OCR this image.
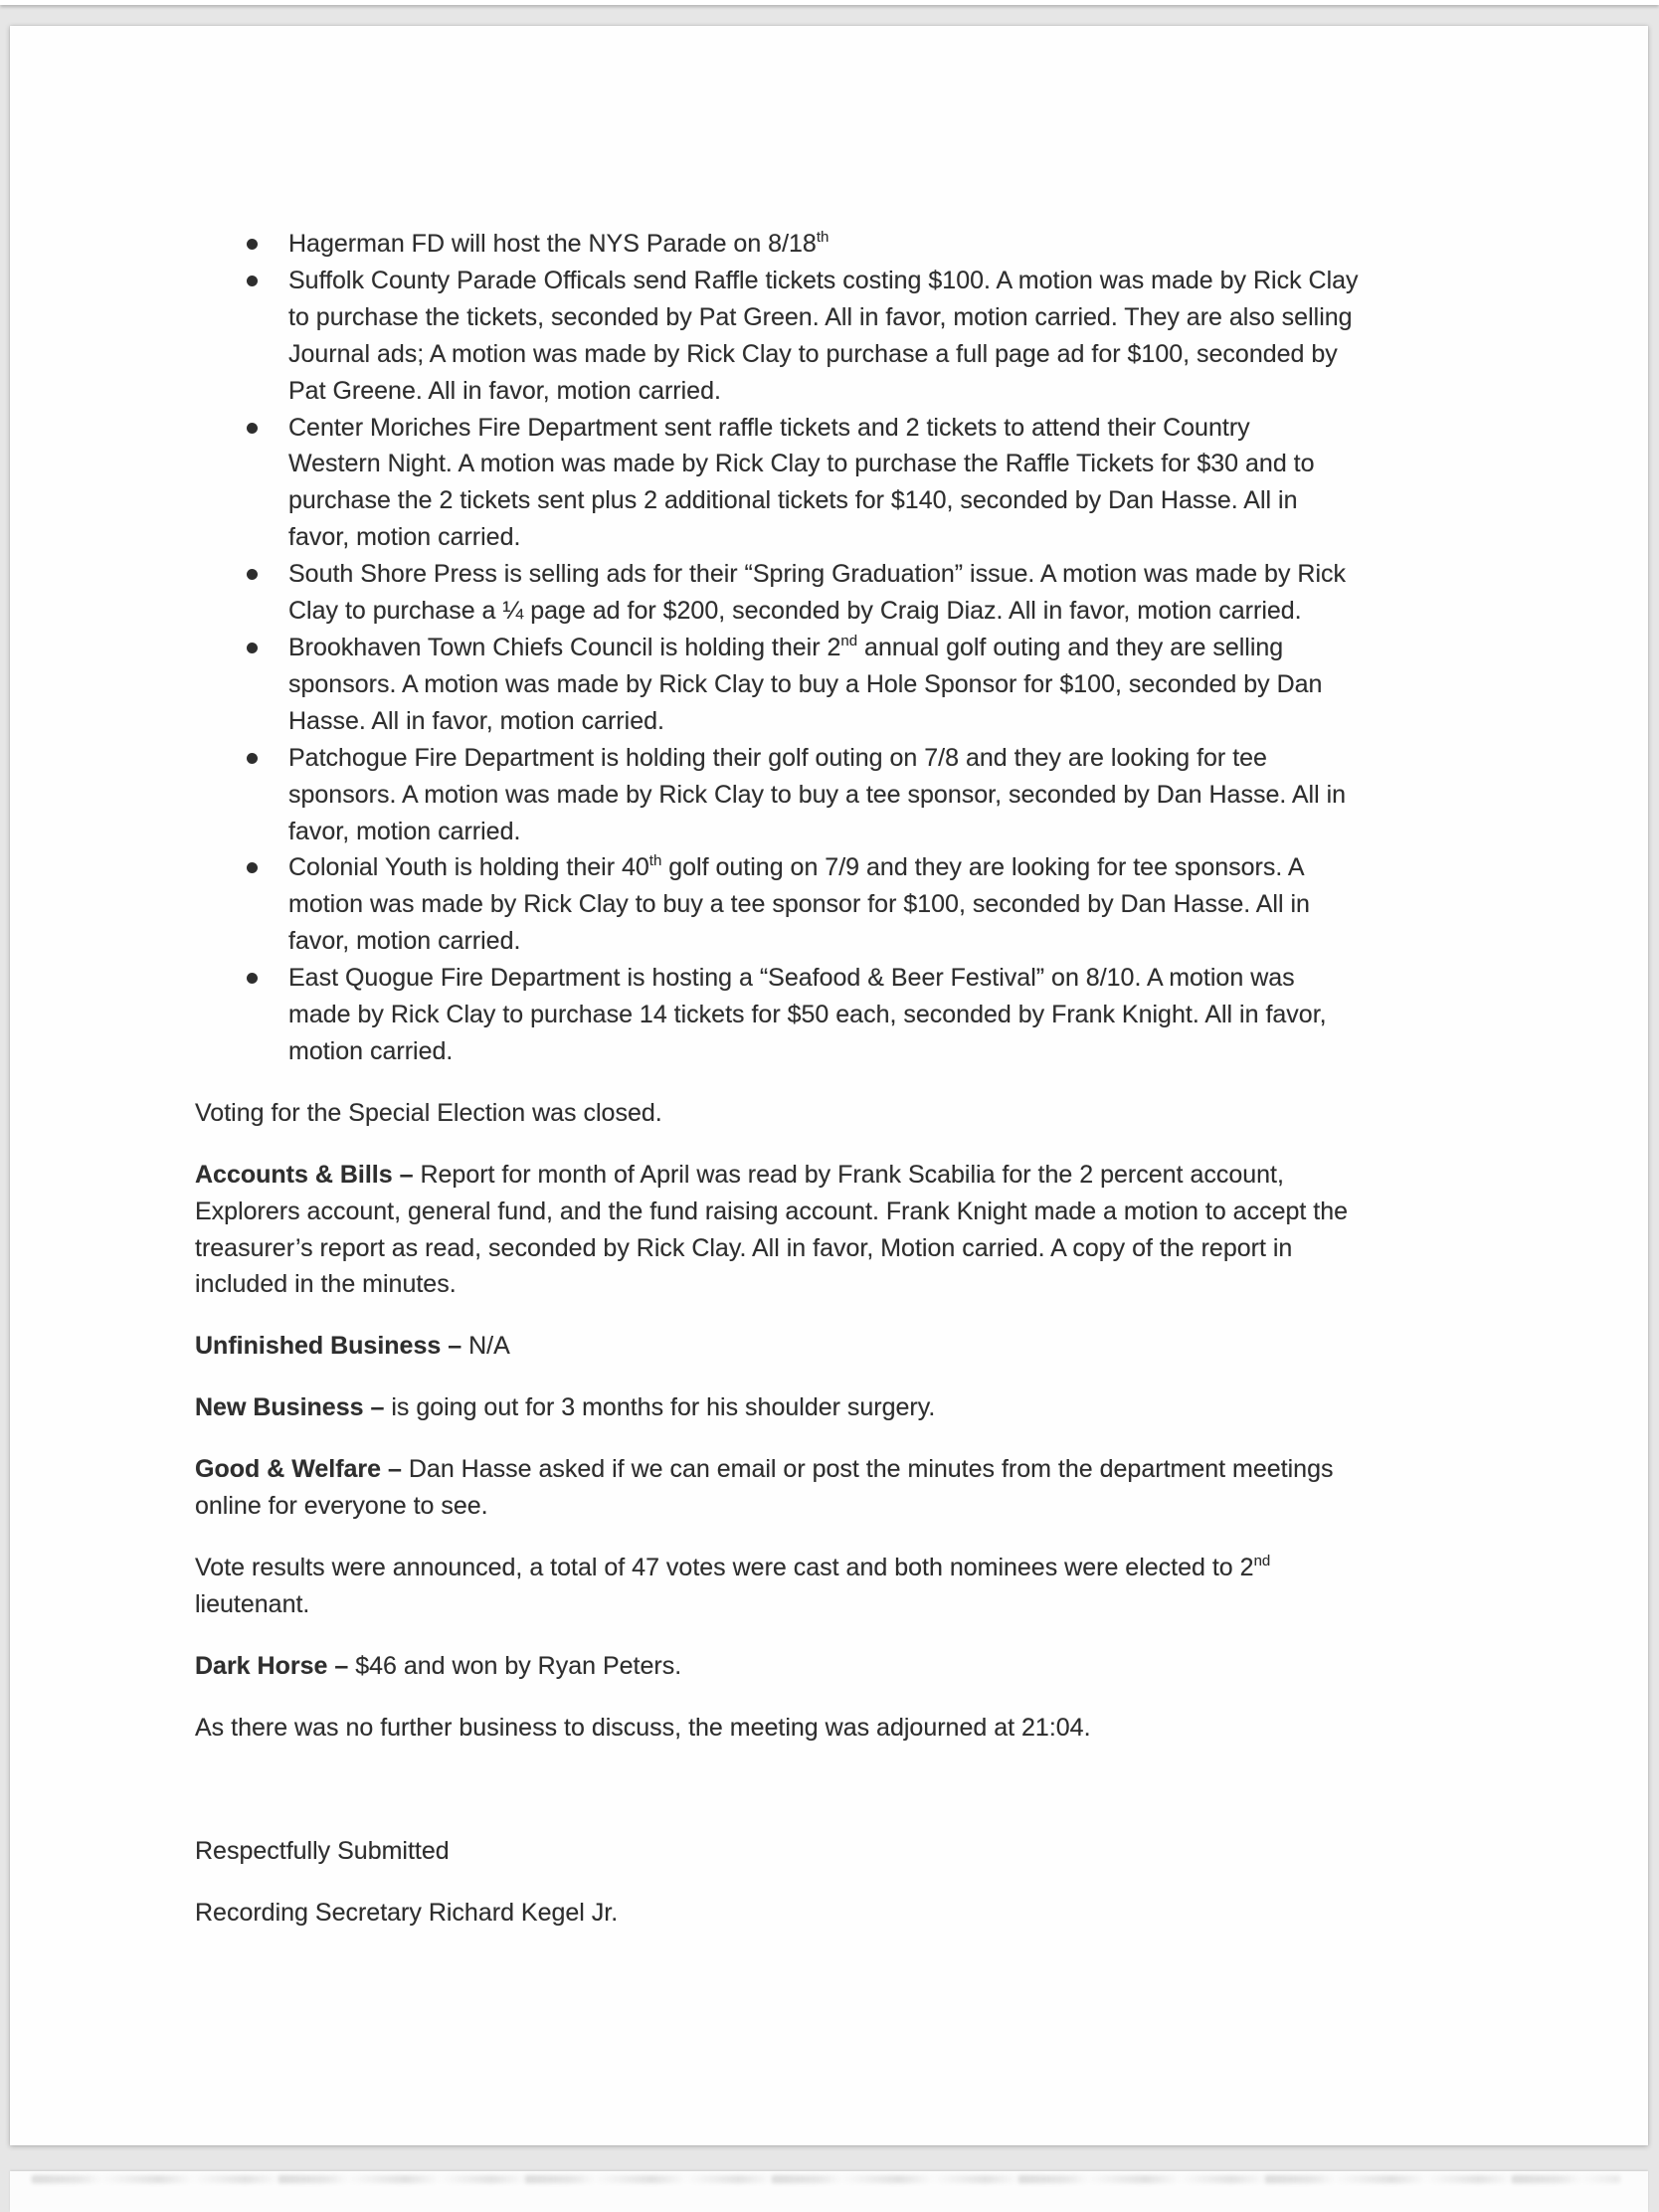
Hagerman FD will host the NYS Parade on 8/18th
Suffolk County Parade Officals send Raffle tickets costing $100. A motion was made by Rick Clay
to purchase the tickets, seconded by Pat Green. All in favor, motion carried. They are also selling
Journal ads; A motion was made by Rick Clay to purchase a full page ad for $100, seconded by
Pat Greene. All in favor, motion carried.
Center Moriches Fire Department sent raffle tickets and 2 tickets to attend their Country
Western Night. A motion was made by Rick Clay to purchase the Raffle Tickets for $30 and to
purchase the 2 tickets sent plus 2 additional tickets for $140, seconded by Dan Hasse. All in
favor, motion carried.
South Shore Press is selling ads for their “Spring Graduation” issue. A motion was made by Rick
Clay to purchase a ¼ page ad for $200, seconded by Craig Diaz. All in favor, motion carried.
Brookhaven Town Chiefs Council is holding their 2nd annual golf outing and they are selling
sponsors. A motion was made by Rick Clay to buy a Hole Sponsor for $100, seconded by Dan
Hasse. All in favor, motion carried.
Patchogue Fire Department is holding their golf outing on 7/8 and they are looking for tee
sponsors. A motion was made by Rick Clay to buy a tee sponsor, seconded by Dan Hasse. All in
favor, motion carried.
Colonial Youth is holding their 40th golf outing on 7/9 and they are looking for tee sponsors. A
motion was made by Rick Clay to buy a tee sponsor for $100, seconded by Dan Hasse. All in
favor, motion carried.
East Quogue Fire Department is hosting a “Seafood & Beer Festival” on 8/10. A motion was
made by Rick Clay to purchase 14 tickets for $50 each, seconded by Frank Knight. All in favor,
motion carried.
Voting for the Special Election was closed.
Accounts & Bills – Report for month of April was read by Frank Scabilia for the 2 percent account,
Explorers account, general fund, and the fund raising account. Frank Knight made a motion to accept the
treasurer’s report as read, seconded by Rick Clay. All in favor, Motion carried. A copy of the report in
included in the minutes.
Unfinished Business – N/A
New Business – is going out for 3 months for his shoulder surgery.
Good & Welfare – Dan Hasse asked if we can email or post the minutes from the department meetings
online for everyone to see.
Vote results were announced, a total of 47 votes were cast and both nominees were elected to 2nd
lieutenant.
Dark Horse – $46 and won by Ryan Peters.
As there was no further business to discuss, the meeting was adjourned at 21:04.
Respectfully Submitted
Recording Secretary Richard Kegel Jr.
